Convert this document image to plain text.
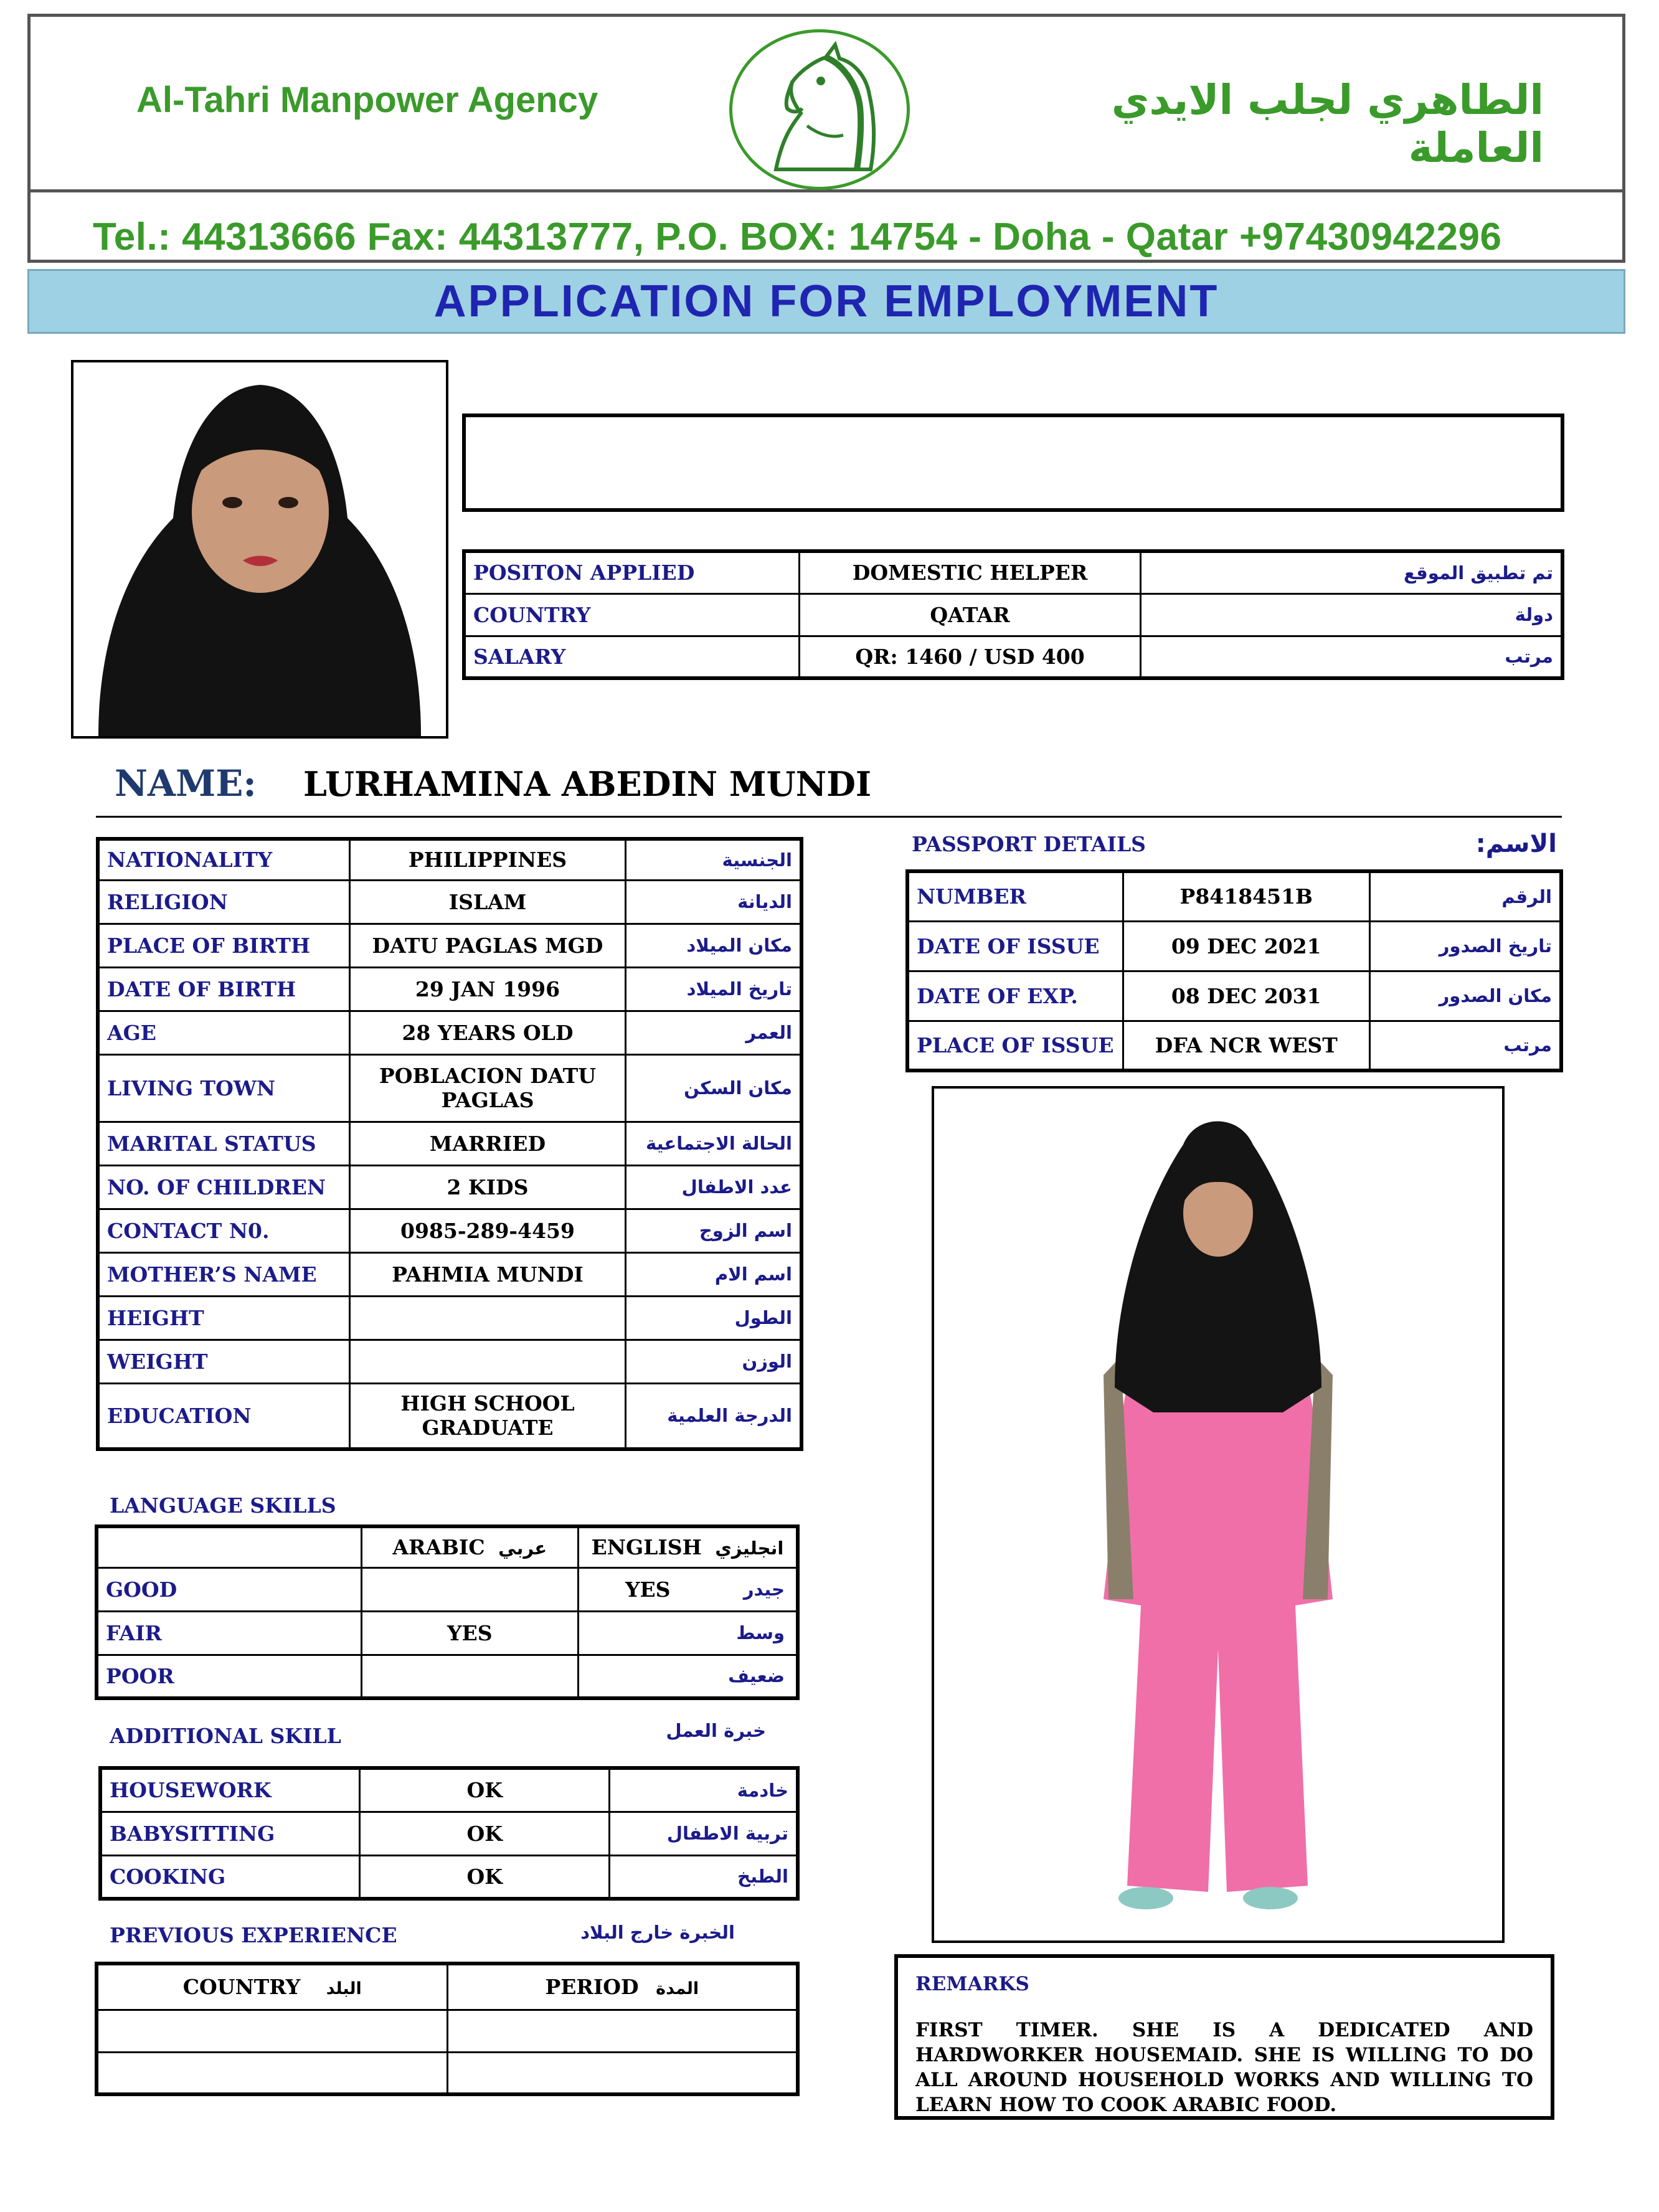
Al-Tahri Manpower Agency	الطاهري لجلب الايدي العاملة
Tel.: 44313666 Fax: 44313777, P.O. BOX: 14754 - Doha - Qatar +97430942296
APPLICATION FOR EMPLOYMENT
POSITON APPLIED	DOMESTIC HELPER	تم تطبيق الموقع
COUNTRY	QATAR	دولة
SALARY	QR: 1460 / USD 400	مرتب
NAME: LURHAMINA ABEDIN MUNDI
NATIONALITY	PHILIPPINES	الجنسية
RELIGION	ISLAM	الديانة
PLACE OF BIRTH	DATU PAGLAS MGD	مكان الميلاد
DATE OF BIRTH	29 JAN 1996	تاريخ الميلاد
AGE	28 YEARS OLD	العمر
LIVING TOWN	POBLACION DATU PAGLAS	مكان السكن
MARITAL STATUS	MARRIED	الحالة الاجتماعية
NO. OF CHILDREN	2 KIDS	عدد الاطفال
CONTACT N0.	0985-289-4459	اسم الزوج
MOTHER’S NAME	PAHMIA MUNDI	اسم الام
HEIGHT		الطول
WEIGHT		الوزن
EDUCATION	HIGH SCHOOL GRADUATE	الدرجة العلمية
PASSPORT DETAILS	الاسم:
NUMBER	P8418451B	الرقم
DATE OF ISSUE	09 DEC 2021	تاريخ الصدور
DATE OF EXP.	08 DEC 2031	مكان الصدور
PLACE OF ISSUE	DFA NCR WEST	مرتب
LANGUAGE SKILLS
	ARABIC عربي	ENGLISH انجليزي
GOOD		YES جيدر

FAIR	YES	وسط

POOR		ضعيف
ADDITIONAL SKILL	خبرة العمل
HOUSEWORK	OK	خادمة
BABYSITTING	OK	تربية الاطفال
COOKING	OK	الطبخ
PREVIOUS EXPERIENCE	الخبرة خارج البلاد
COUNTRY البلد	PERIOD المدة

		REMARKS
FIRST TIMER. SHE IS A DEDICATED AND HARDWORKER HOUSEMAID. SHE IS WILLING TO DO ALL AROUND HOUSEHOLD WORKS AND WILLING TO LEARN HOW TO COOK ARABIC FOOD.
